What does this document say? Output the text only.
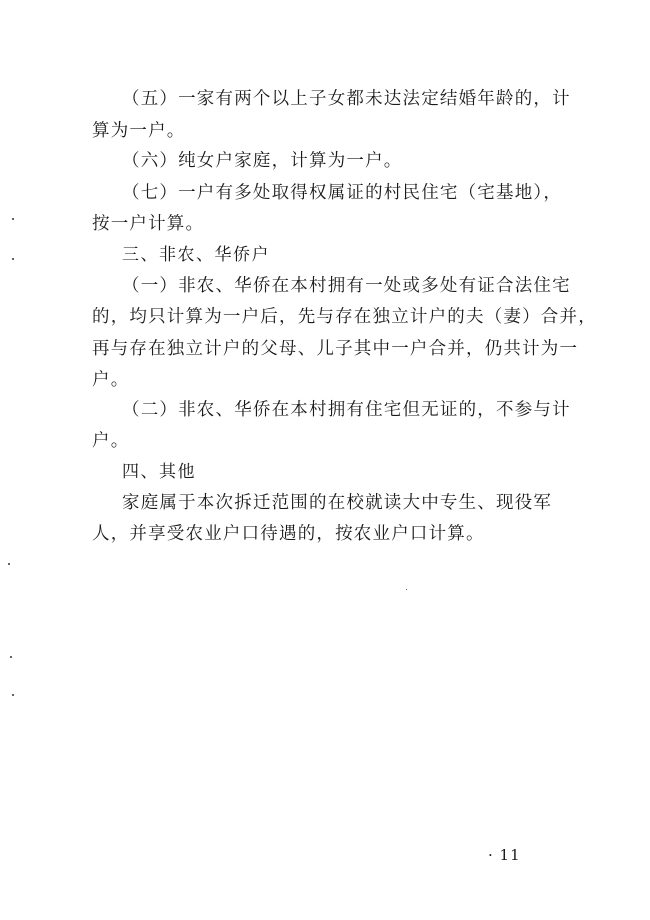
（五）一家有两个以上子女都未达法定结婚年龄的，计
算为一户。
（六）纯女户家庭，计算为一户。
（七）一户有多处取得权属证的村民住宅（宅基地），
按一户计算。
三、非农、华侨户
（一）非农、华侨在本村拥有一处或多处有证合法住宅
的，均只计算为一户后，先与存在独立计户的夫（妻）合并，
再与存在独立计户的父母、儿子其中一户合并，仍共计为一
户。
（二）非农、华侨在本村拥有住宅但无证的，不参与计
户。
四、其他
家庭属于本次拆迁范围的在校就读大中专生、现役军
人，并享受农业户口待遇的，按农业户口计算。
· 11
